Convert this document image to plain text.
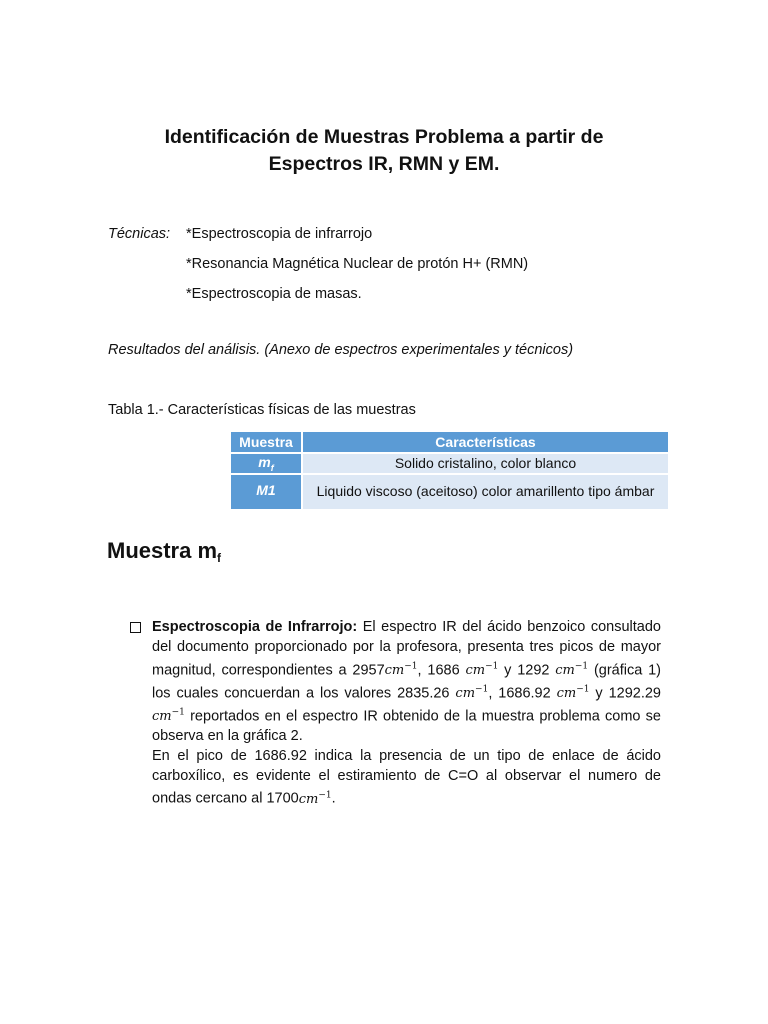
Identificación de Muestras Problema a partir de
Espectros IR, RMN y EM.
Técnicas: *Espectroscopia de infrarrojo
*Resonancia Magnética Nuclear de protón H+ (RMN)
*Espectroscopia de masas.
Resultados del análisis. (Anexo de espectros experimentales y técnicos)
Tabla 1.- Características físicas de las muestras
Muestra	Características
$m_f$	Solido cristalino, color blanco
M1	Liquido viscoso (aceitoso) color amarillento tipo ámbar
Muestra $m_f$

Espectroscopia de Infrarrojo: El espectro IR del ácido benzoico consultado del documento proporcionado por la profesora, presenta tres picos de mayor magnitud, correspondientes a $2957cm^{-1}$, 1686 $cm^{-1}$ y 1292 $cm^{-1}$ (gráfica 1) los cuales concuerdan a los valores 2835.26 $cm^{-1}$, 1686.92 $cm^{-1}$ y 1292.29 $cm^{-1}$ reportados en el espectro IR obtenido de la muestra problema como se observa en la gráfica 2.

En el pico de 1686.92 indica la presencia de un tipo de enlace de ácido carboxílico, es evidente el estiramiento de C=O al observar el numero de ondas cercano al $1700cm^{-1}$.
